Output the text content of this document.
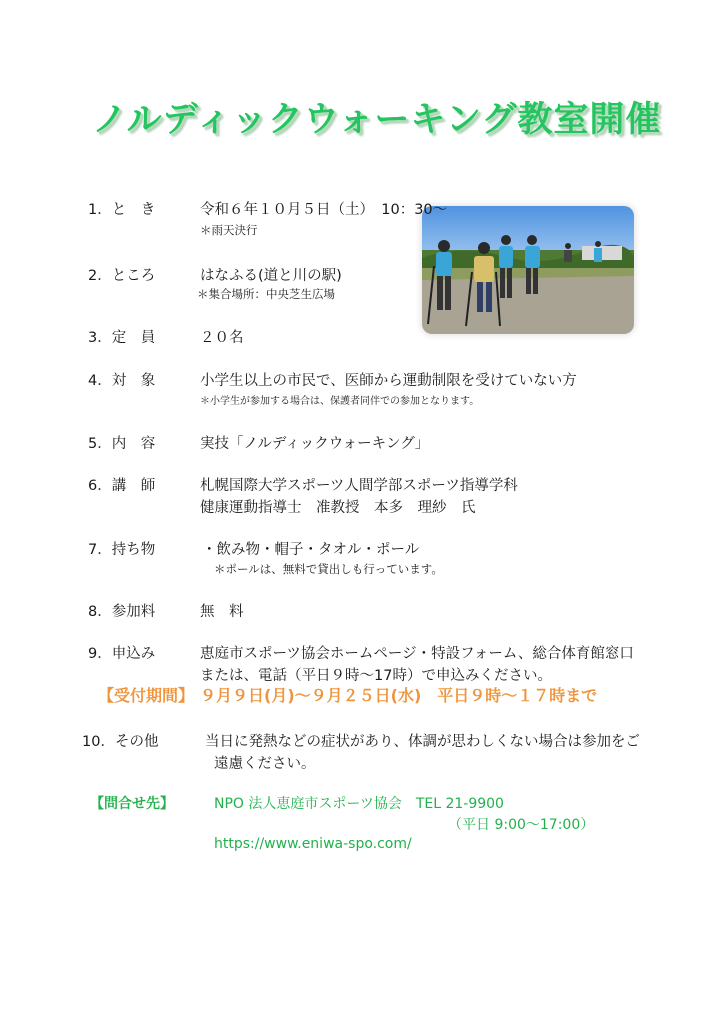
ノルディックウォーキング教室開催
1．と　き	令和６年１０月５日（土）　10：30～
＊雨天決行
2．ところ	はなふる(道と川の駅)
＊集合場所：中央芝生広場
3．定　員	２０名
4．対　象	小学生以上の市民で、医師から運動制限を受けていない方
＊小学生が参加する場合は、保護者同伴での参加となります。
5．内　容	実技「ノルディックウォーキング」
6．講　師	札幌国際大学スポーツ人間学部スポーツ指導学科
健康運動指導士　准教授　本多　理紗　氏
7．持ち物	・飲み物・帽子・タオル・ポール
＊ポールは、無料で貸出しも行っています。
8．参加料	無　料
9．申込み	恵庭市スポーツ協会ホームページ・特設フォーム、総合体育館窓口
または、電話（平日９時～17時）で申込みください。
【受付期間】 ９月９日(月)～９月２５日(水)　平日９時～１７時まで
10．その他	当日に発熱などの症状があり、体調が思わしくない場合は参加をご
遠慮ください。
【問合せ先】	NPO 法人恵庭市スポーツ協会　TEL 21-9900
（平日 9:00～17:00）
https://www.eniwa-spo.com/
